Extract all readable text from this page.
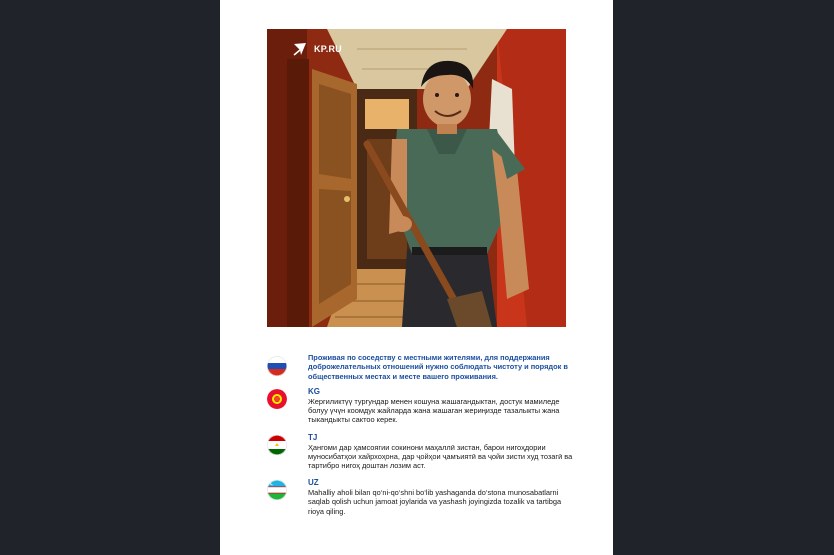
KP.RU
Проживая по соседству с местными жителями, для поддержания доброжелательных отношений нужно соблюдать чистоту и порядок в общественных местах и месте вашего проживания.
KG
Жергиликтүү тургундар менен кошуна жашагандыктан, достук мамиледе болуу үчүн коомдук жайларда жана жашаган жериңизде тазалыкты жана тыкандыкты сактоо керек.
TJ
Ҳангоми дар ҳамсоягии сокинони маҳаллӣ зистан, барои нигоҳдории муносибатҳои хайрхоҳона, дар ҷойҳои ҷамъиятӣ ва ҷойи зисти худ тозагӣ ва тартибро нигоҳ доштан лозим аст.
UZ
Mahalliy aholi bilan qo‘ni-qo‘shni bo‘lib yashaganda do‘stona munosabatlarni saqlab qolish uchun jamoat joylarida va yashash joyingizda tozalik va tartibga rioya qiling.
